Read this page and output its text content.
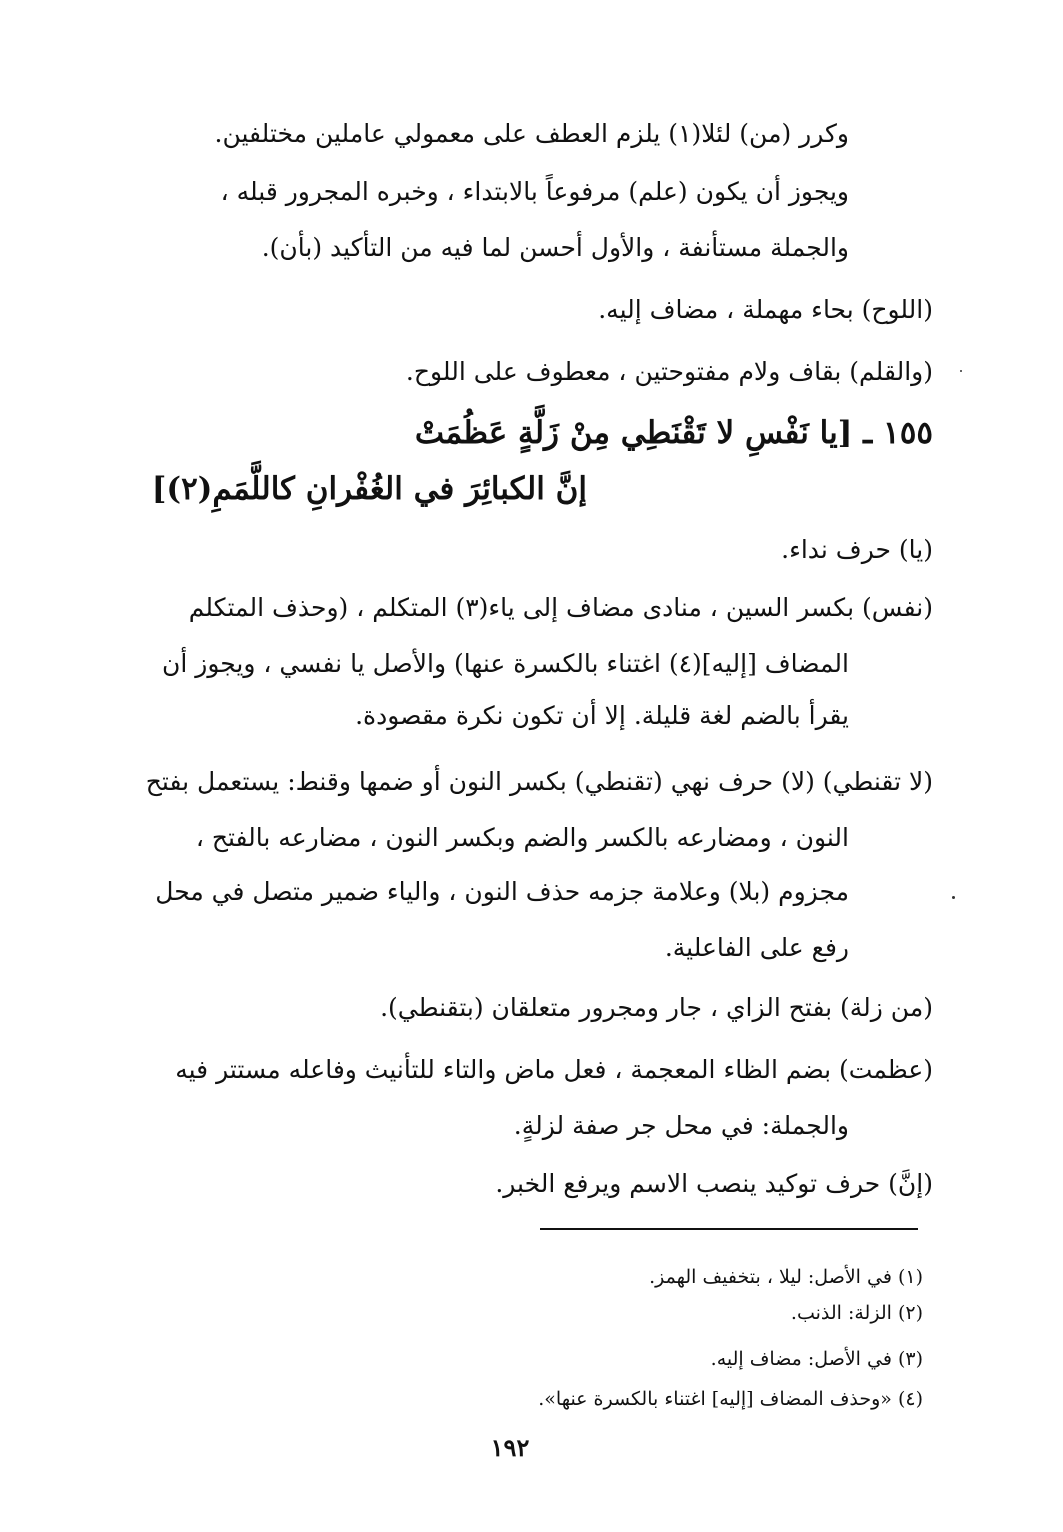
وكرر (من) لئلا(١) يلزم العطف على معمولي عاملين مختلفين.
ويجوز أن يكون (علم) مرفوعاً بالابتداء ، وخبره المجرور قبله ،
والجملة مستأنفة ، والأول أحسن لما فيه من التأكيد (بأن).
(اللوح) بحاء مهملة ، مضاف إليه.
(والقلم) بقاف ولام مفتوحتين ، معطوف على اللوح.
١٥٥ ـ [يا نَفْسِ لا تَقْنَطِي مِنْ زَلَّةٍ عَظُمَتْ
إنَّ الكبائِرَ في الغُفْرانِ كاللَّمَمِ(٢)]
(يا) حرف نداء.
(نفس) بكسر السين ، منادى مضاف إلى ياء(٣) المتكلم ، (وحذف المتكلم
المضاف [إليه](٤) اغتناء بالكسرة عنها) والأصل يا نفسي ، ويجوز أن
يقرأ بالضم لغة قليلة. إلا أن تكون نكرة مقصودة.
(لا تقنطي) (لا) حرف نهي (تقنطي) بكسر النون أو ضمها وقنط: يستعمل بفتح
النون ، ومضارعه بالكسر والضم وبكسر النون ، مضارعه بالفتح ،
مجزوم (بلا) وعلامة جزمه حذف النون ، والياء ضمير متصل في محل
رفع على الفاعلية.
(من زلة) بفتح الزاي ، جار ومجرور متعلقان (بتقنطي).
(عظمت) بضم الظاء المعجمة ، فعل ماض والتاء للتأنيث وفاعله مستتر فيه
والجملة: في محل جر صفة لزلةٍ.
(إنَّ) حرف توكيد ينصب الاسم ويرفع الخبر.
(١) في الأصل: ليلا ، بتخفيف الهمز.
(٢) الزلة: الذنب.
(٣) في الأصل: مضاف إليه.
(٤) «وحذف المضاف [إليه] اغتناء بالكسرة عنها».
١٩٢
